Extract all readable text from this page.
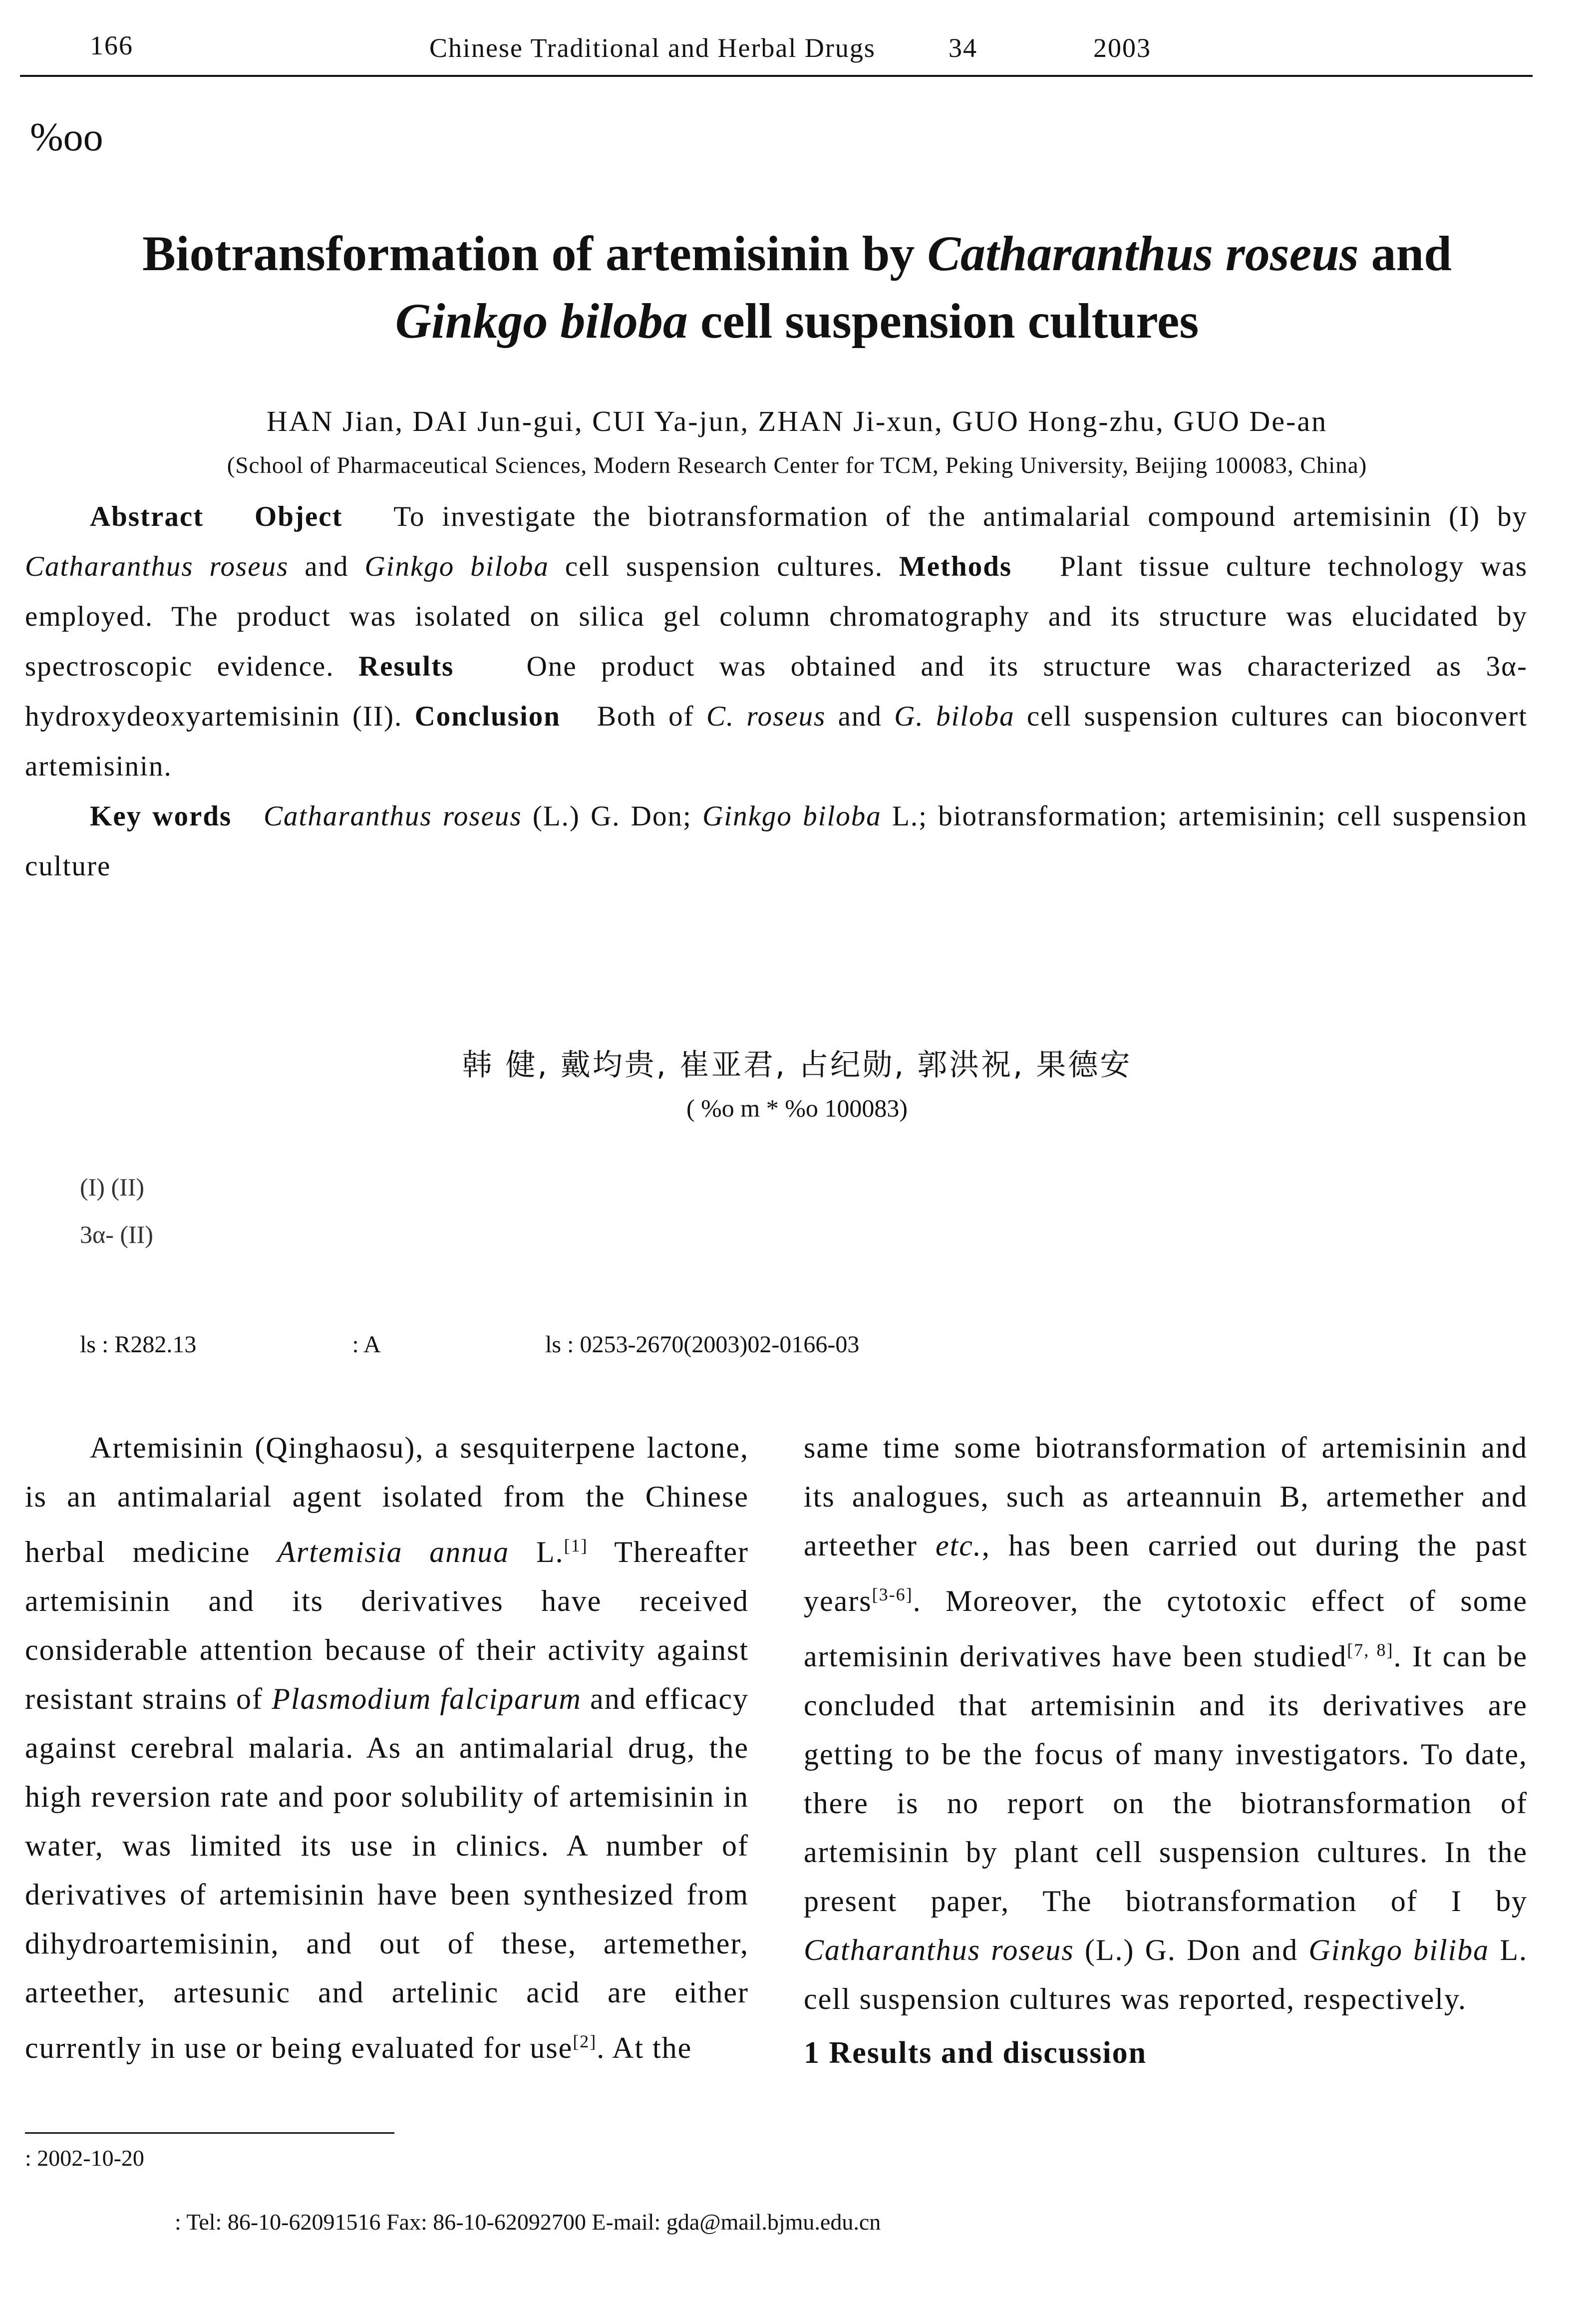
166	Chinese Traditional and Herbal Drugs	34	2003
%oo
Biotransformation of artemisinin by Catharanthus roseus and
Ginkgo biloba cell suspension cultures
HAN Jian, DAI Jun-gui, CUI Ya-jun, ZHAN Ji-xun, GUO Hong-zhu, GUO De-an
(School of Pharmaceutical Sciences, Modern Research Center for TCM, Peking University, Beijing 100083, China)
Abstract Object To investigate the biotransformation of the antimalarial compound artemisinin (I) by Catharanthus roseus and Ginkgo biloba cell suspension cultures. Methods Plant tissue culture technology was employed. The product was isolated on silica gel column chromatography and its structure was elucidated by spectroscopic evidence. Results	One product was obtained and its structure was characterized as 3α-hydroxydeoxyartemisinin (II). Conclusion Both of C. roseus and G. biloba cell suspension cultures can bioconvert artemisinin.
Key words Catharanthus roseus (L.) G. Don; Ginkgo biloba L.; biotransformation; artemisinin; cell suspension culture
韩 健, 戴均贵, 崔亚君, 占纪勋, 郭洪祝, 果德安
( %o m * %o 100083)
(I) (II)
3α- (II)
ls : R282.13	: A	ls : 0253-2670(2003)02-0166-03
Artemisinin (Qinghaosu), a sesquiterpene lactone, is an antimalarial agent isolated from the Chinese herbal medicine Artemisia annua L.[1] Thereafter artemisinin and its derivatives have received considerable attention because of their activity against resistant strains of Plasmodium falciparum and efficacy against cerebral malaria. As an antimalarial drug, the high reversion rate and poor solubility of artemisinin in water, was limited its use in clinics. A number of derivatives of artemisinin have been synthesized from dihydroartemisinin, and out of these, artemether, arteether, artesunic and artelinic acid are either currently in use or being evaluated for use[2]. At the
same time some biotransformation of artemisinin and its analogues, such as arteannuin B, artemether and arteether etc., has been carried out during the past years[3-6]. Moreover, the cytotoxic effect of some artemisinin derivatives have been studied[7, 8]. It can be concluded that artemisinin and its derivatives are getting to be the focus of many investigators. To date, there is no report on the biotransformation of artemisinin by plant cell suspension cultures. In the present paper, The biotransformation of I by Catharanthus roseus (L.) G. Don and Ginkgo biliba L. cell suspension cultures was reported, respectively.
1 Results and discussion
: 2002-10-20

: Tel: 86-10-62091516 Fax: 86-10-62092700 E-mail: gda@mail.bjmu.edu.cn
